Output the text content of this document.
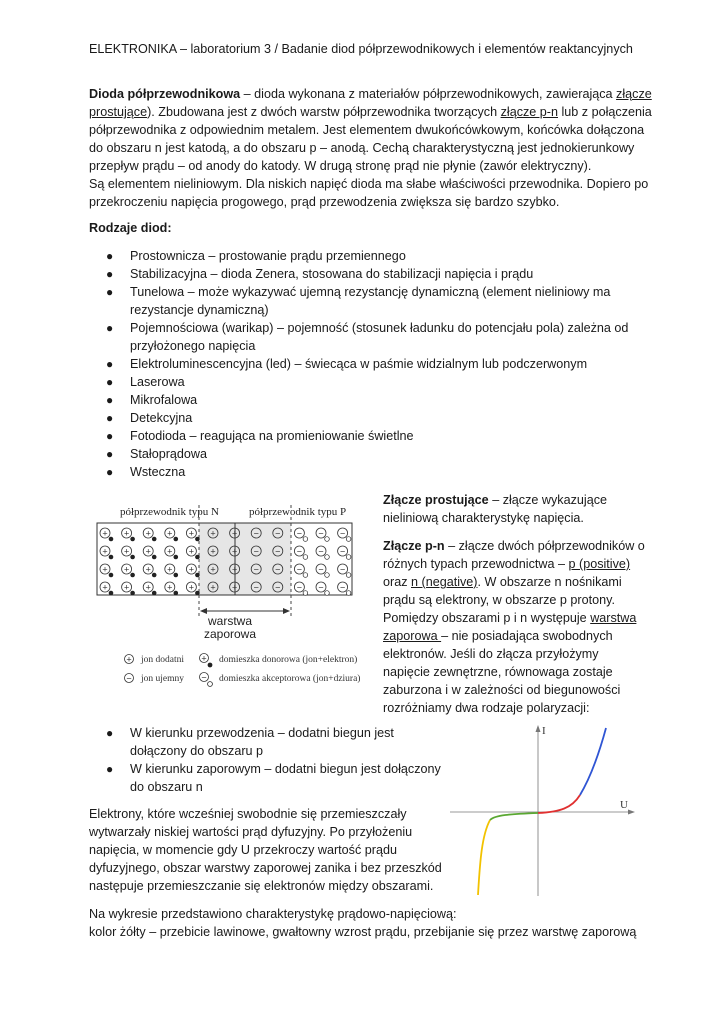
ELEKTRONIKA – laboratorium 3 / Badanie diod półprzewodnikowych i elementów reaktancyjnych
Dioda półprzewodnikowa – dioda wykonana z materiałów półprzewodnikowych, zawierająca złącze
prostujące). Zbudowana jest z dwóch warstw półprzewodnika tworzących złącze p-n lub z połączenia
półprzewodnika z odpowiednim metalem. Jest elementem dwukońcówkowym, końcówka dołączona
do obszaru n jest katodą, a do obszaru p – anodą. Cechą charakterystyczną jest jednokierunkowy
przepływ prądu – od anody do katody. W drugą stronę prąd nie płynie (zawór elektryczny).
Są elementem nieliniowym. Dla niskich napięć dioda ma słabe właściwości przewodnika. Dopiero po
przekroczeniu napięcia progowego, prąd przewodzenia zwiększa się bardzo szybko.
Rodzaje diod:
● Prostownicza – prostowanie prądu przemiennego
● Stabilizacyjna – dioda Zenera, stosowana do stabilizacji napięcia i prądu
● Tunelowa – może wykazywać ujemną rezystancję dynamiczną (element nieliniowy ma
rezystancje dynamiczną)
● Pojemnościowa (warikap) – pojemność (stosunek ładunku do potencjału pola) zależna od
przyłożonego napięcia
● Elektroluminescencyjna (led) – świecąca w paśmie widzialnym lub podczerwonym
● Laserowa
● Mikrofalowa
● Detekcyjna
● Fotodioda – reagująca na promieniowanie świetlne
● Stałoprądowa
● Wsteczna
półprzewodnik typu N	półprzewodnik typu P
+ + + + + + + − − − − −
+ + + + + + + − − − − −
+ + + + + + + − − − − −
+ + + + + + + − − − − −
warstwa
zaporowa
+ jon dodatni
− jon ujemny
+ domieszka donorowa (jon+elektron)
− domieszka akceptorowa (jon+dziura)
Złącze prostujące – złącze wykazujące
nieliniową charakterystykę napięcia.
Złącze p-n – złącze dwóch półprzewodników o
różnych typach przewodnictwa – p (positive)
oraz n (negative). W obszarze n nośnikami
prądu są elektrony, w obszarze p protony.
Pomiędzy obszarami p i n występuje warstwa
zaporowa – nie posiadająca swobodnych
elektronów. Jeśli do złącza przyłożymy
napięcie zewnętrzne, równowaga zostaje
zaburzona i w zależności od biegunowości
rozróżniamy dwa rodzaje polaryzacji:
● W kierunku przewodzenia – dodatni biegun jest
dołączony do obszaru p
● W kierunku zaporowym – dodatni biegun jest dołączony
do obszaru n
Elektrony, które wcześniej swobodnie się przemieszczały
wytwarzały niskiej wartości prąd dyfuzyjny. Po przyłożeniu
napięcia, w momencie gdy U przekroczy wartość prądu
dyfuzyjnego, obszar warstwy zaporowej zanika i bez przeszkód
następuje przemieszczanie się elektronów między obszarami.
I
U
Na wykresie przedstawiono charakterystykę prądowo-napięciową:
kolor żółty – przebicie lawinowe, gwałtowny wzrost prądu, przebijanie się przez warstwę zaporową
